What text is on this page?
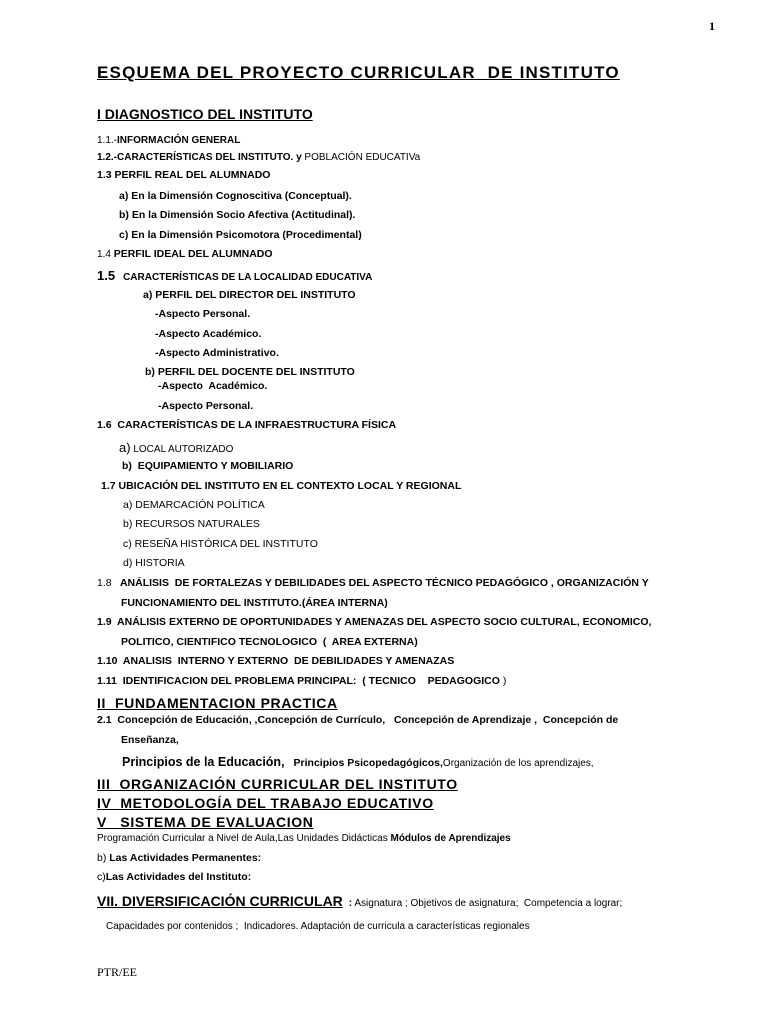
1
ESQUEMA DEL PROYECTO CURRICULAR  DE INSTITUTO
I DIAGNOSTICO DEL INSTITUTO
1.1.-INFORMACIÓN GENERAL
1.2.-CARACTERÍSTICAS DEL INSTITUTO. y POBLACIÓN EDUCATIVa
1.3 PERFIL REAL DEL ALUMNADO
a) En la Dimensión Cognoscitiva (Conceptual).
b) En la Dimensión Socio Afectiva (Actitudinal).
c) En la Dimensión Psicomotora (Procedimental)
1.4 PERFIL IDEAL DEL ALUMNADO
1.5 CARACTERÍSTICAS DE LA LOCALIDAD EDUCATIVA
a) PERFIL DEL DIRECTOR DEL INSTITUTO
-Aspecto Personal.
-Aspecto Académico.
-Aspecto Administrativo.
b) PERFIL DEL DOCENTE DEL INSTITUTO
-Aspecto  Académico.
-Aspecto Personal.
1.6  CARACTERÍSTICAS DE LA INFRAESTRUCTURA FÍSICA
a) LOCAL AUTORIZADO
b)  EQUIPAMIENTO Y MOBILIARIO
1.7 UBICACIÓN DEL INSTITUTO EN EL CONTEXTO LOCAL Y REGIONAL
a) DEMARCACIÓN POLÍTICA
b) RECURSOS NATURALES
c) RESEÑA HISTÓRICA DEL INSTITUTO
d) HISTORIA
1.8   ANÁLISIS  DE FORTALEZAS Y DEBILIDADES DEL ASPECTO TÉCNICO PEDAGÓGICO , ORGANIZACIÓN Y
FUNCIONAMIENTO DEL INSTITUTO.(ÁREA INTERNA)
1.9  ANÁLISIS EXTERNO DE OPORTUNIDADES Y AMENAZAS DEL ASPECTO SOCIO CULTURAL, ECONOMICO,
POLITICO, CIENTIFICO TECNOLOGICO  (  AREA EXTERNA)
1.10  ANALISIS  INTERNO Y EXTERNO  DE DEBILIDADES Y AMENAZAS
1.11  IDENTIFICACION DEL PROBLEMA PRINCIPAL:  ( TECNICO    PEDAGOGICO )
II  FUNDAMENTACION PRACTICA
2.1  Concepción de Educación, ,Concepción de Currículo,   Concepción de Aprendizaje ,  Concepción de
Enseñanza,
Principios de la Educación, Principios Psicopedagógicos,Organización de los aprendizajes,
III  ORGANIZACIÓN CURRICULAR DEL INSTITUTO
IV  METODOLOGÍA DEL TRABAJO EDUCATIVO
V   SISTEMA DE EVALUACION
Programación Curricular a Nivel de Aula,Las Unidades Didácticas Módulos de Aprendizajes
b) Las Actividades Permanentes:
c)Las Actividades del Instituto:
VII. DIVERSIFICACIÓN CURRICULAR  : Asignatura ; Objetivos de asignatura;  Competencia a lograr;
Capacidades por contenidos ;  Indicadores. Adaptación de curricula a características regionales
PTR/EE
